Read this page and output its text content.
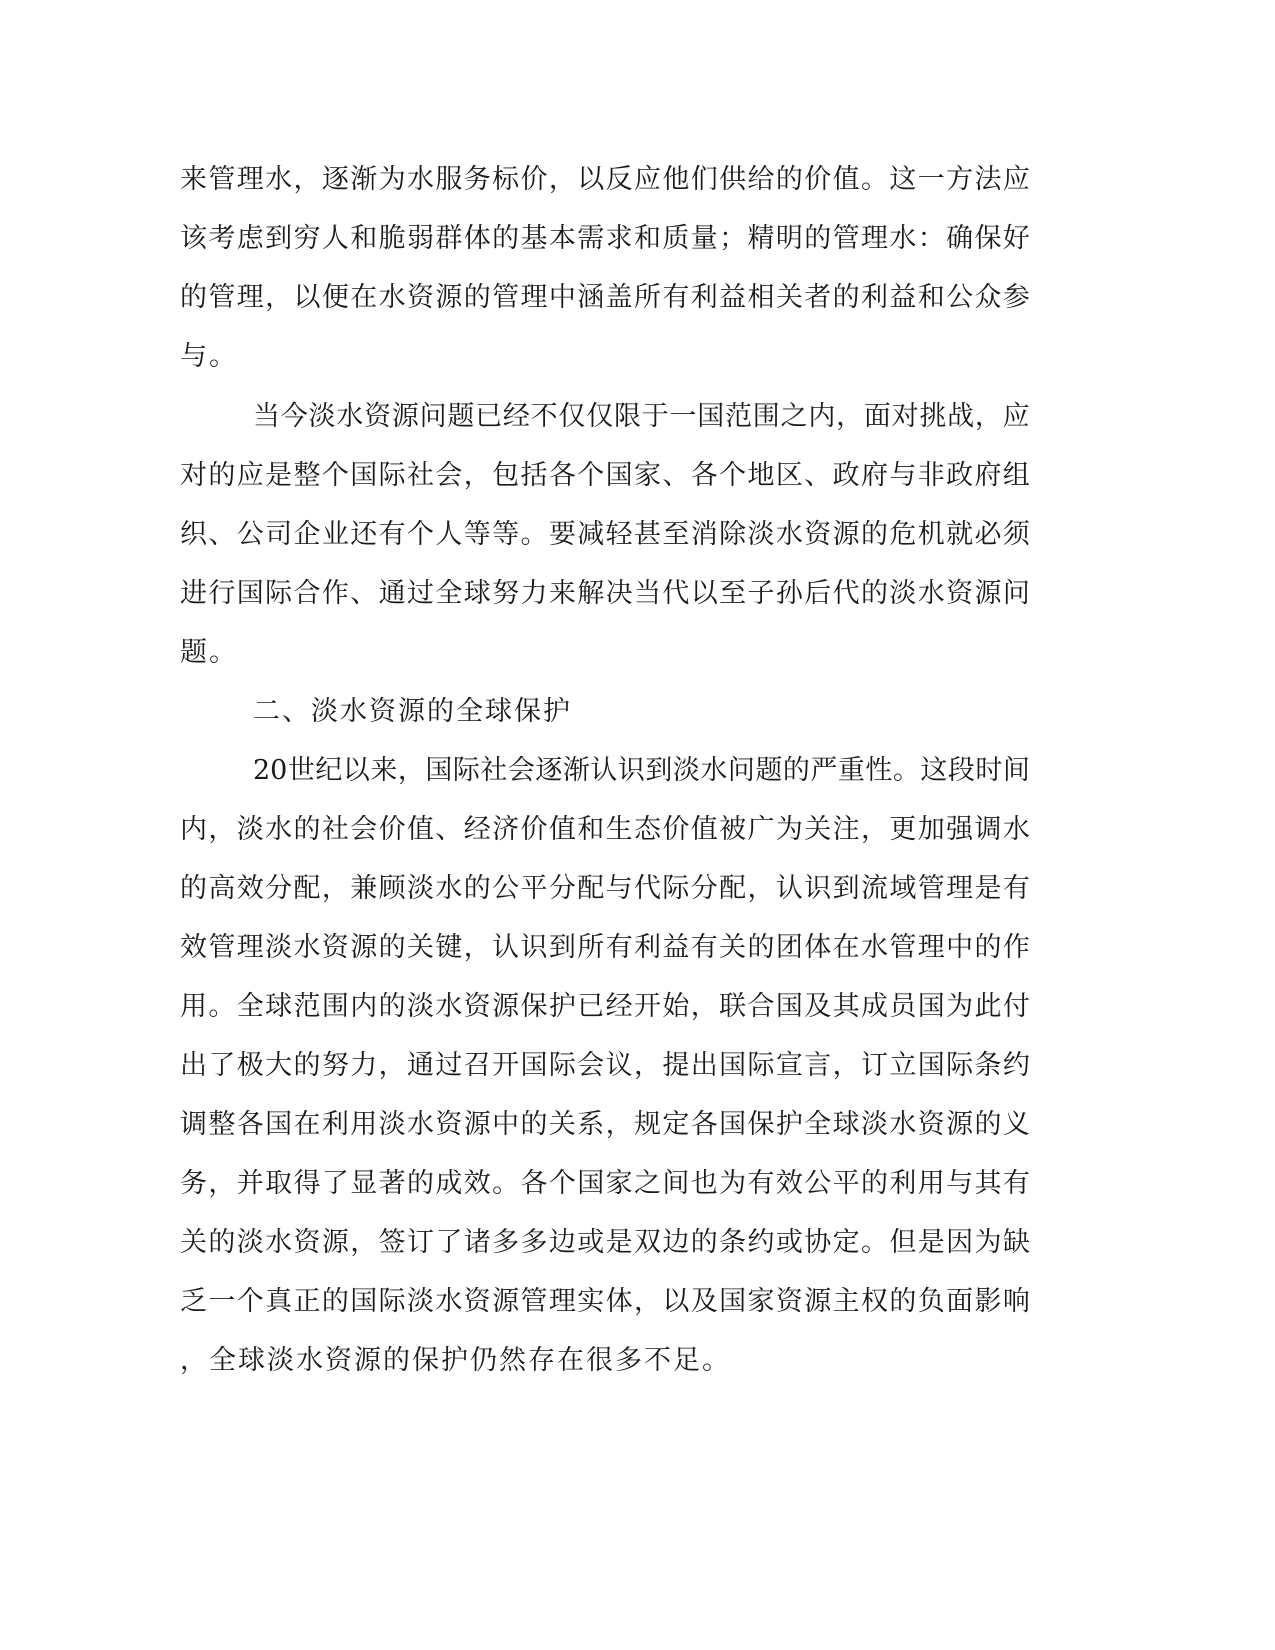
来 管 理 水 ， 逐 渐 为 水 服 务 标 价 ， 以 反 应 他 们 供 给 的 价 值 。 这 一 方 法 应
该 考 虑 到 穷 人 和 脆 弱 群 体 的 基 本 需 求 和 质 量 ； 精 明 的 管 理 水 ： 确 保 好
的 管 理 ， 以 便 在 水 资 源 的 管 理 中 涵 盖 所 有 利 益 相 关 者 的 利 益 和 公 众 参
与。
当 今 淡 水 资 源 问 题 已 经 不 仅 仅 限 于 一 国 范 围 之 内 ， 面 对 挑 战 ， 应
对 的 应 是 整 个 国 际 社 会 ， 包 括 各 个 国 家 、 各 个 地 区 、 政 府 与 非 政 府 组
织 、 公 司 企 业 还 有 个 人 等 等 。 要 减 轻 甚 至 消 除 淡 水 资 源 的 危 机 就 必 须
进 行 国 际 合 作 、 通 过 全 球 努 力 来 解 决 当 代 以 至 子 孙 后 代 的 淡 水 资 源 问
题。
二、淡水资源的全球保护
20 世 纪 以 来 ， 国 际 社 会 逐 渐 认 识 到 淡 水 问 题 的 严 重 性 。 这 段 时 间
内 ， 淡 水 的 社 会 价 值 、 经 济 价 值 和 生 态 价 值 被 广 为 关 注 ， 更 加 强 调 水
的 高 效 分 配 ， 兼 顾 淡 水 的 公 平 分 配 与 代 际 分 配 ， 认 识 到 流 域 管 理 是 有
效 管 理 淡 水 资 源 的 关 键 ， 认 识 到 所 有 利 益 有 关 的 团 体 在 水 管 理 中 的 作
用 。 全 球 范 围 内 的 淡 水 资 源 保 护 已 经 开 始 ， 联 合 国 及 其 成 员 国 为 此 付
出 了 极 大 的 努 力 ， 通 过 召 开 国 际 会 议 ， 提 出 国 际 宣 言 ， 订 立 国 际 条 约
调 整 各 国 在 利 用 淡 水 资 源 中 的 关 系 ， 规 定 各 国 保 护 全 球 淡 水 资 源 的 义
务 ， 并 取 得 了 显 著 的 成 效 。 各 个 国 家 之 间 也 为 有 效 公 平 的 利 用 与 其 有
关 的 淡 水 资 源 ， 签 订 了 诸 多 多 边 或 是 双 边 的 条 约 或 协 定 。 但 是 因 为 缺
乏 一 个 真 正 的 国 际 淡 水 资 源 管 理 实 体 ， 以 及 国 家 资 源 主 权 的 负 面 影 响
，全球淡水资源的保护仍然存在很多不足。
